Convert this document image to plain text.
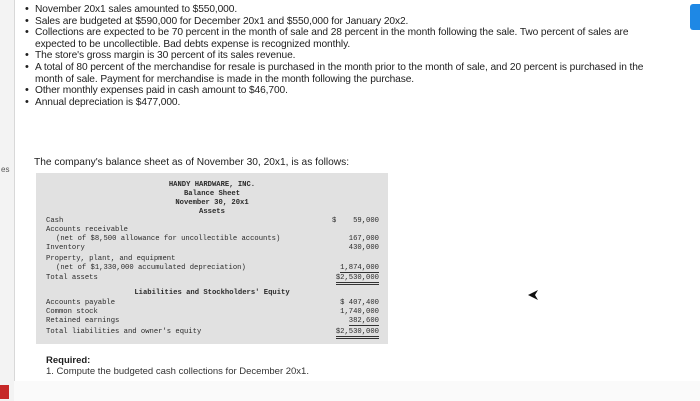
es
• November 20x1 sales amounted to $550,000.
• Sales are budgeted at $590,000 for December 20x1 and $550,000 for January 20x2.
• Collections are expected to be 70 percent in the month of sale and 28 percent in the month following the sale. Two percent of sales are expected to be uncollectible. Bad debts expense is recognized monthly.
• The store's gross margin is 30 percent of its sales revenue.
• A total of 80 percent of the merchandise for resale is purchased in the month prior to the month of sale, and 20 percent is purchased in the month of sale. Payment for merchandise is made in the month following the purchase.
• Other monthly expenses paid in cash amount to $46,700.
• Annual depreciation is $477,000.
The company's balance sheet as of November 30, 20x1, is as follows:
HANDY HARDWARE, INC.
Balance Sheet
November 30, 20x1
Assets
Cash	$ 59,000
Accounts receivable
(net of $8,500 allowance for uncollectible accounts)	167,000
Inventory	430,000
Property, plant, and equipment
(net of $1,330,000 accumulated depreciation)	1,874,000
Total assets	$2,530,000
Liabilities and Stockholders' Equity
Accounts payable	$ 407,400
Common stock	1,740,000
Retained earnings	382,600
Total liabilities and owner's equity	$2,530,000
Required:
1. Compute the budgeted cash collections for December 20x1.
